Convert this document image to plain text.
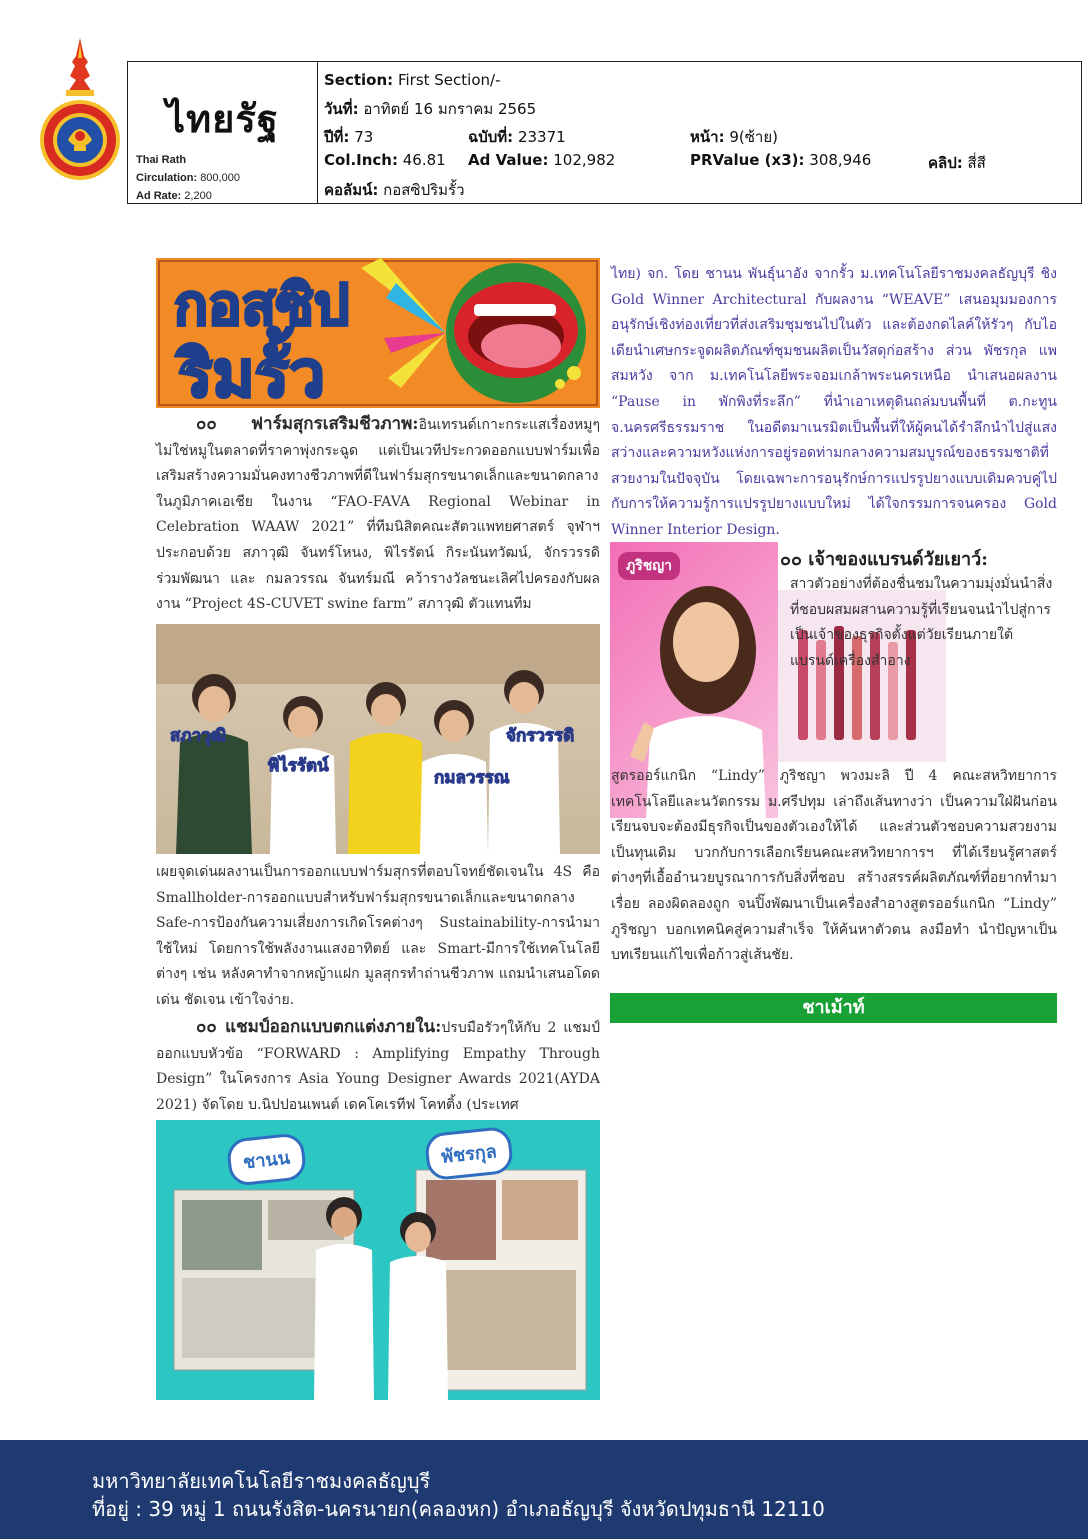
ไทยรัฐ
Thai Rath
Circulation: 800,000
Ad Rate: 2,200
Section: First Section/-
วันที่: อาทิตย์ 16 มกราคม 2565
ปีที่: 73	ฉบับที่: 23371	หน้า: 9(ซ้าย)
Col.Inch: 46.81 Ad Value: 102,982	PRValue (x3): 308,946	คลิป: สี่สี
คอลัมน์: กอสซิปริมรั้ว
กอสซิป
ริมรั้ว

๐๐ ฟาร์มสุกรเสริมชีวภาพ:อินเทรนด์เกาะกระแสเรื่องหมูๆ ไม่ใช่หมูในตลาดที่ราคาพุ่งกระฉูด แต่เป็นเวทีประกวดออกแบบฟาร์มเพื่อเสริมสร้างความมั่นคงทางชีวภาพที่ดีในฟาร์มสุกรขนาดเล็กและขนาดกลางในภูมิภาคเอเชีย ในงาน “FAO-FAVA Regional Webinar in Celebration WAAW 2021” ที่ทีมนิสิตคณะสัตวแพทยศาสตร์ จุฬาฯ ประกอบด้วย สภาวุฒิ จันทร์โหนง, พิไรรัตน์ กิระนันทวัฒน์, จักรวรรดิ ร่วมพัฒนา และ กมลวรรณ จันทร์มณี คว้ารางวัลชนะเลิศไปครองกับผลงาน “Project 4S-CUVET swine farm” สภาวุฒิ ตัวแทนทีม

สภาวุฒิ
พิไรรัตน์
จักรวรรดิ
กมลวรรณ

เผยจุดเด่นผลงานเป็นการออกแบบฟาร์มสุกรที่ตอบโจทย์ชัดเจนใน 4S คือ Smallholder-การออกแบบสำหรับฟาร์มสุกรขนาดเล็กและขนาดกลาง Safe-การป้องกันความเสี่ยงการเกิดโรคต่างๆ Sustainability-การนำมาใช้ใหม่ โดยการใช้พลังงานแสงอาทิตย์ และ Smart-มีการใช้เทคโนโลยีต่างๆ เช่น หลังคาทำจากหญ้าแฝก มูลสุกรทำถ่านชีวภาพ แถมนำเสนอโดดเด่น ชัดเจน เข้าใจง่าย.

๐๐ แชมป์ออกแบบตกแต่งภายใน:ปรบมือรัวๆให้กับ 2 แชมป์ออกแบบหัวข้อ “FORWARD : Amplifying Empathy Through Design” ในโครงการ Asia Young Designer Awards 2021(AYDA 2021) จัดโดย บ.นิปปอนเพนต์ เดคโคเรทีฟ โคทติ้ง (ประเทศ

ชานน	พัชรกุล

ไทย) จก. โดย ชานน พันธุ์นาอัง จากรั้ว ม.เทคโนโลยีราชมงคลธัญบุรี ชิง Gold Winner Architectural กับผลงาน “WEAVE” เสนอมุมมองการอนุรักษ์เชิงท่องเที่ยวที่ส่งเสริมชุมชนไปในตัว และต้องกดไลค์ให้รัวๆ กับไอเดียนำเศษกระจูดผลิตภัณฑ์ชุมชนผลิตเป็นวัสดุก่อสร้าง ส่วน พัชรกุล แพสมหวัง จาก ม.เทคโนโลยีพระจอมเกล้าพระนครเหนือ นำเสนอผลงาน “Pause in พักพิงที่ระลึก” ที่นำเอาเหตุดินถล่มบนพื้นที่ ต.กะทูน จ.นครศรีธรรมราช ในอดีตมาเนรมิตเป็นพื้นที่ให้ผู้คนได้รำลึกนำไปสู่แสงสว่างและความหวังแห่งการอยู่รอดท่ามกลางความสมบูรณ์ของธรรมชาติที่สวยงามในปัจจุบัน โดยเฉพาะการอนุรักษ์การแปรรูปยางแบบเดิมควบคู่ไปกับการให้ความรู้การแปรรูปยางแบบใหม่ ได้ใจกรรมการจนครอง Gold Winner Interior Design.

ภูริชญา	๐๐ เจ้าของแบรนด์วัยเยาว์:

สาวตัวอย่างที่ต้องชื่นชมในความมุ่งมั่นนำสิ่งที่ชอบผสมผสานความรู้ที่เรียนจนนำไปสู่การเป็นเจ้าของธุรกิจตั้งแต่วัยเรียนภายใต้แบรนด์เครื่องสำอาง

สูตรออร์แกนิก “Lindy” ภูริชญา พวงมะลิ ปี 4 คณะสหวิทยาการเทคโนโลยีและนวัตกรรม ม.ศรีปทุม เล่าถึงเส้นทางว่า เป็นความใฝ่ฝันก่อนเรียนจบจะต้องมีธุรกิจเป็นของตัวเองให้ได้ และส่วนตัวชอบความสวยงามเป็นทุนเดิม บวกกับการเลือกเรียนคณะสหวิทยาการฯ ที่ได้เรียนรู้ศาสตร์ต่างๆที่เอื้ออำนวยบูรณาการกับสิ่งที่ชอบ สร้างสรรค์ผลิตภัณฑ์ที่อยากทำมาเรื่อย ลองผิดลองถูก จนปิ๊งพัฒนาเป็นเครื่องสำอางสูตรออร์แกนิก “Lindy” ภูริชญา บอกเทคนิคสู่ความสำเร็จ ให้ค้นหาตัวตน ลงมือทำ นำปัญหาเป็นบทเรียนแก้ไขเพื่อก้าวสู่เส้นชัย.

ชาเม้าท์
มหาวิทยาลัยเทคโนโลยีราชมงคลธัญบุรี
ที่อยู่ : 39 หมู่ 1 ถนนรังสิต-นครนายก(คลองหก) อำเภอธัญบุรี จังหวัดปทุมธานี 12110
